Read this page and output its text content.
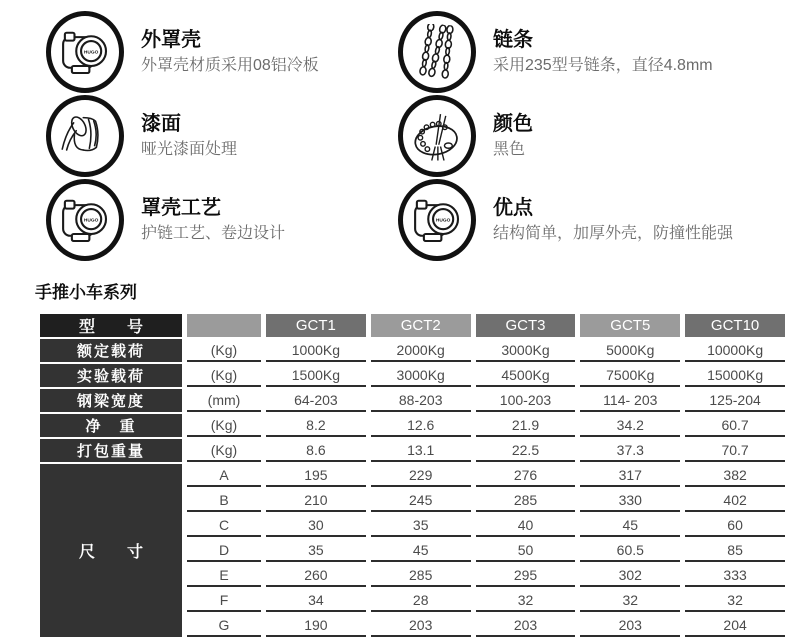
外罩壳
外罩壳材质采用08铝冷板
链条
采用235型号链条，直径4.8mm
漆面
哑光漆面处理
颜色
黑色
罩壳工艺
护链工艺、卷边设计
优点
结构简单，加厚外壳，防撞性能强
手推小车系列
型　　号		GCT1	GCT2	GCT3	GCT5	GCT10
额定载荷	(Kg)	1000Kg	2000Kg	3000Kg	5000Kg	10000Kg
实验载荷	(Kg)	1500Kg	3000Kg	4500Kg	7500Kg	15000Kg
钢梁宽度	(mm)	64-203	88-203	100-203	114- 203	125-204
净　重	(Kg)	8.2	12.6	21.9	34.2	60.7
打包重量	(Kg)	8.6	13.1	22.5	37.3	70.7
尺　　寸	A	195	229	276	317	382
	B	210	245	285	330	402
	C	30	35	40	45	60
	D	35	45	50	60.5	85
	E	260	285	295	302	333
	F	34	28	32	32	32
	G	190	203	203	203	204
